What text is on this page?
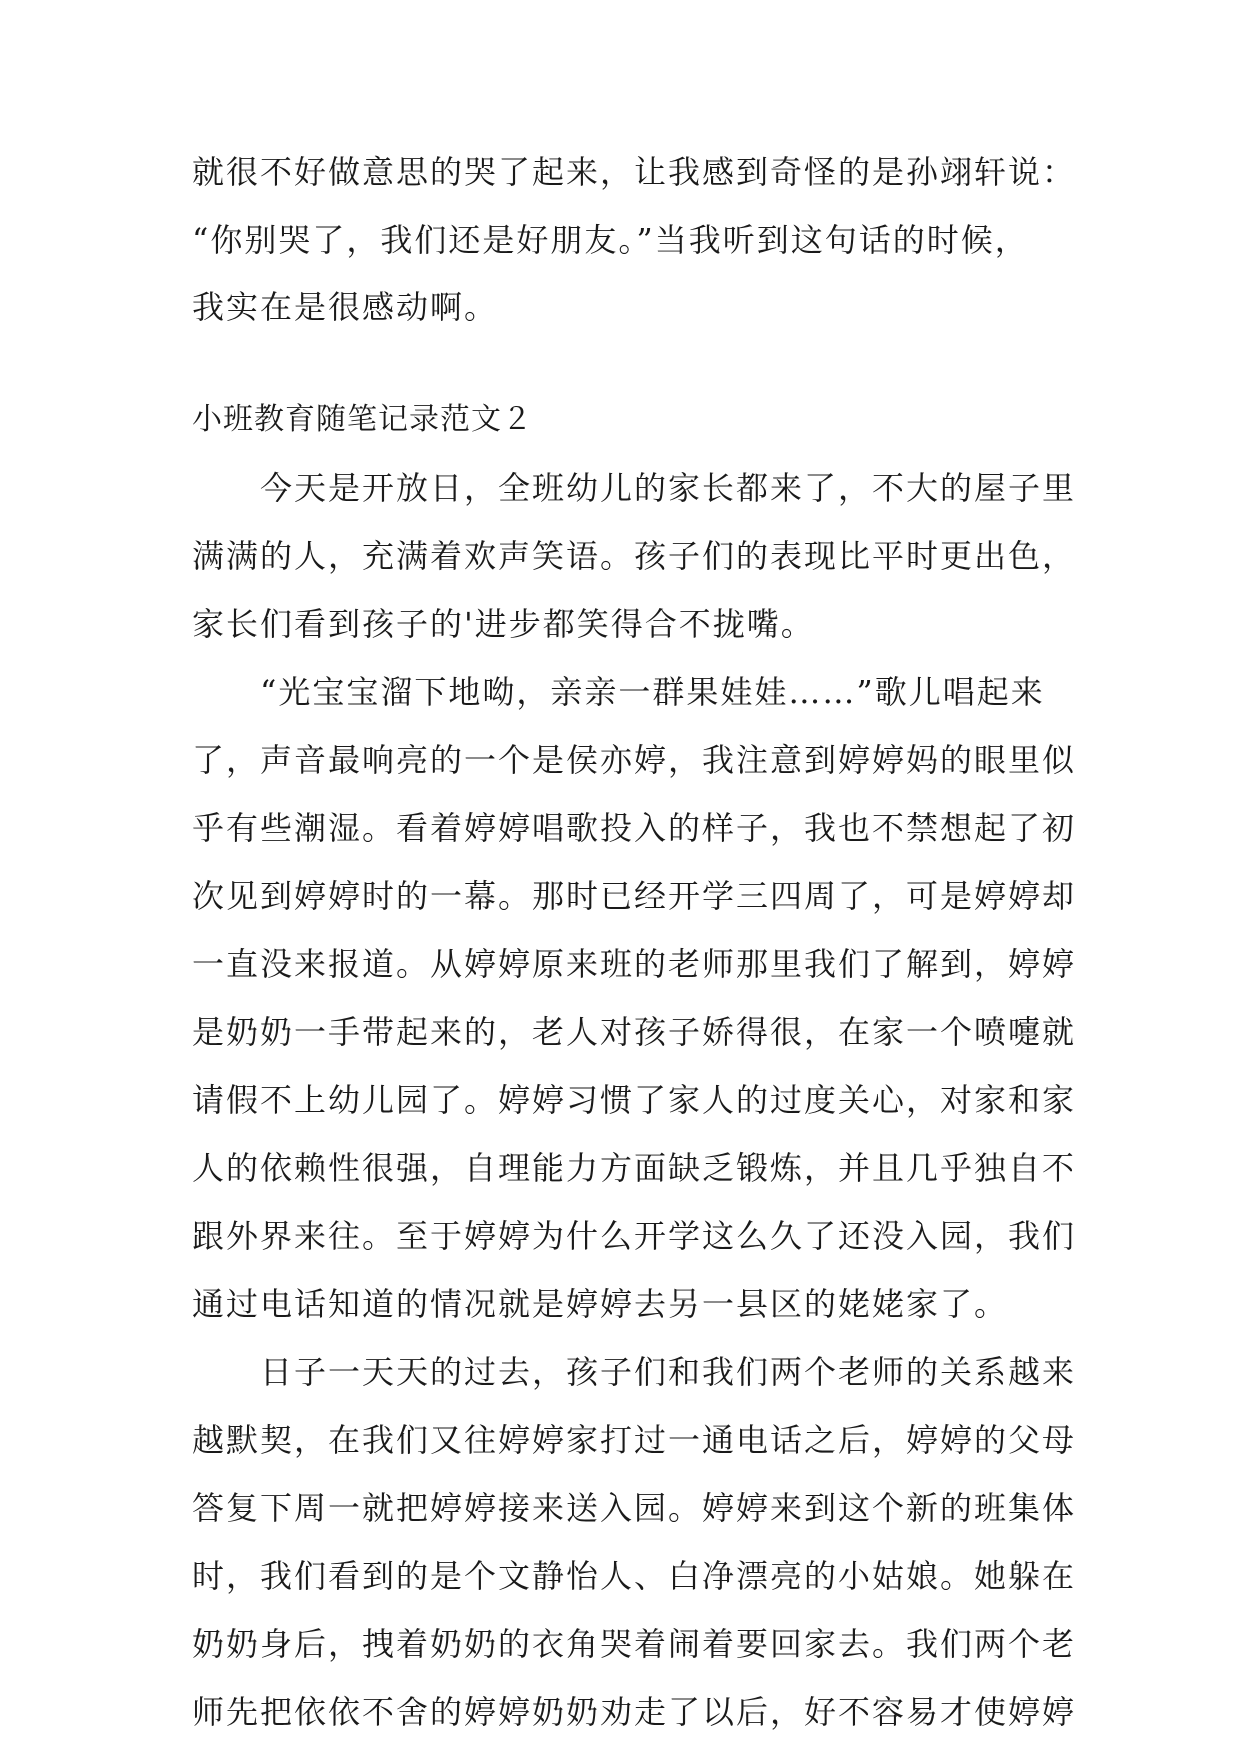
就很不好做意思的哭了起来，让我感到奇怪的是孙翊轩说：
“你别哭了，我们还是好朋友。”当我听到这句话的时候，
我实在是很感动啊。
小班教育随笔记录范文２
　　今天是开放日，全班幼儿的家长都来了，不大的屋子里
满满的人，充满着欢声笑语。孩子们的表现比平时更出色，
家长们看到孩子的'进步都笑得合不拢嘴。
　　“光宝宝溜下地呦，亲亲一群果娃娃……”歌儿唱起来
了，声音最响亮的一个是侯亦婷，我注意到婷婷妈的眼里似
乎有些潮湿。看着婷婷唱歌投入的样子，我也不禁想起了初
次见到婷婷时的一幕。那时已经开学三四周了，可是婷婷却
一直没来报道。从婷婷原来班的老师那里我们了解到，婷婷
是奶奶一手带起来的，老人对孩子娇得很，在家一个喷嚏就
请假不上幼儿园了。婷婷习惯了家人的过度关心，对家和家
人的依赖性很强，自理能力方面缺乏锻炼，并且几乎独自不
跟外界来往。至于婷婷为什么开学这么久了还没入园，我们
通过电话知道的情况就是婷婷去另一县区的姥姥家了。
　　日子一天天的过去，孩子们和我们两个老师的关系越来
越默契，在我们又往婷婷家打过一通电话之后，婷婷的父母
答复下周一就把婷婷接来送入园。婷婷来到这个新的班集体
时，我们看到的是个文静怡人、白净漂亮的小姑娘。她躲在
奶奶身后，拽着奶奶的衣角哭着闹着要回家去。我们两个老
师先把依依不舍的婷婷奶奶劝走了以后，好不容易才使婷婷
